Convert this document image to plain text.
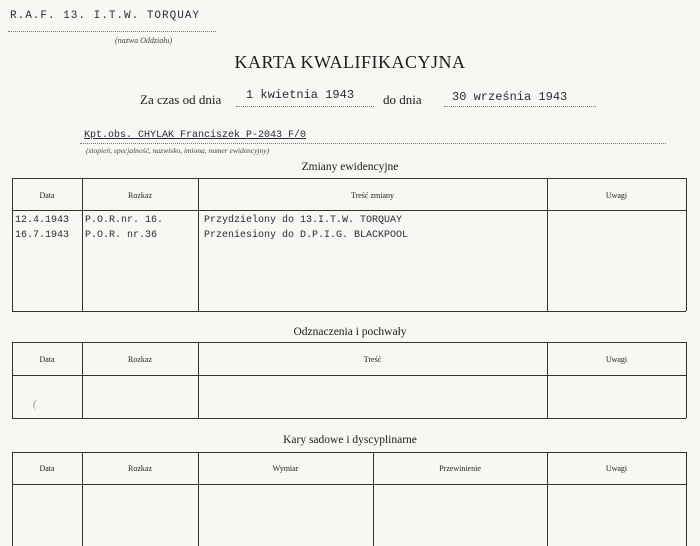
R.A.F. 13. I.T.W. TORQUAY
(nazwa Oddziału)
KARTA KWALIFIKACYJNA
Za czas od dnia 1 kwietnia 1943 do dnia	30 września 1943
Kpt.obs. CHYLAK Franciszek P-2043 F/0
(stopień, specjalność, nazwisko, imiona, numer ewidencyjny)
Zmiany ewidencyjne
Data	Rozkaz	Treść zmiany	Uwagi
12.4.1943 P.O.R.nr. 16.	Przydzielony do 13.I.T.W. TORQUAY
16.7.1943 P.O.R. nr.36	Przeniesiony do D.P.I.G. BLACKPOOL
Odznaczenia i pochwały
Data	Rozkaz	Treść	Uwagi
(
Kary sadowe i dyscyplinarne
Data	Rozkaz	Wymiar	Przewinienie	Uwagi
